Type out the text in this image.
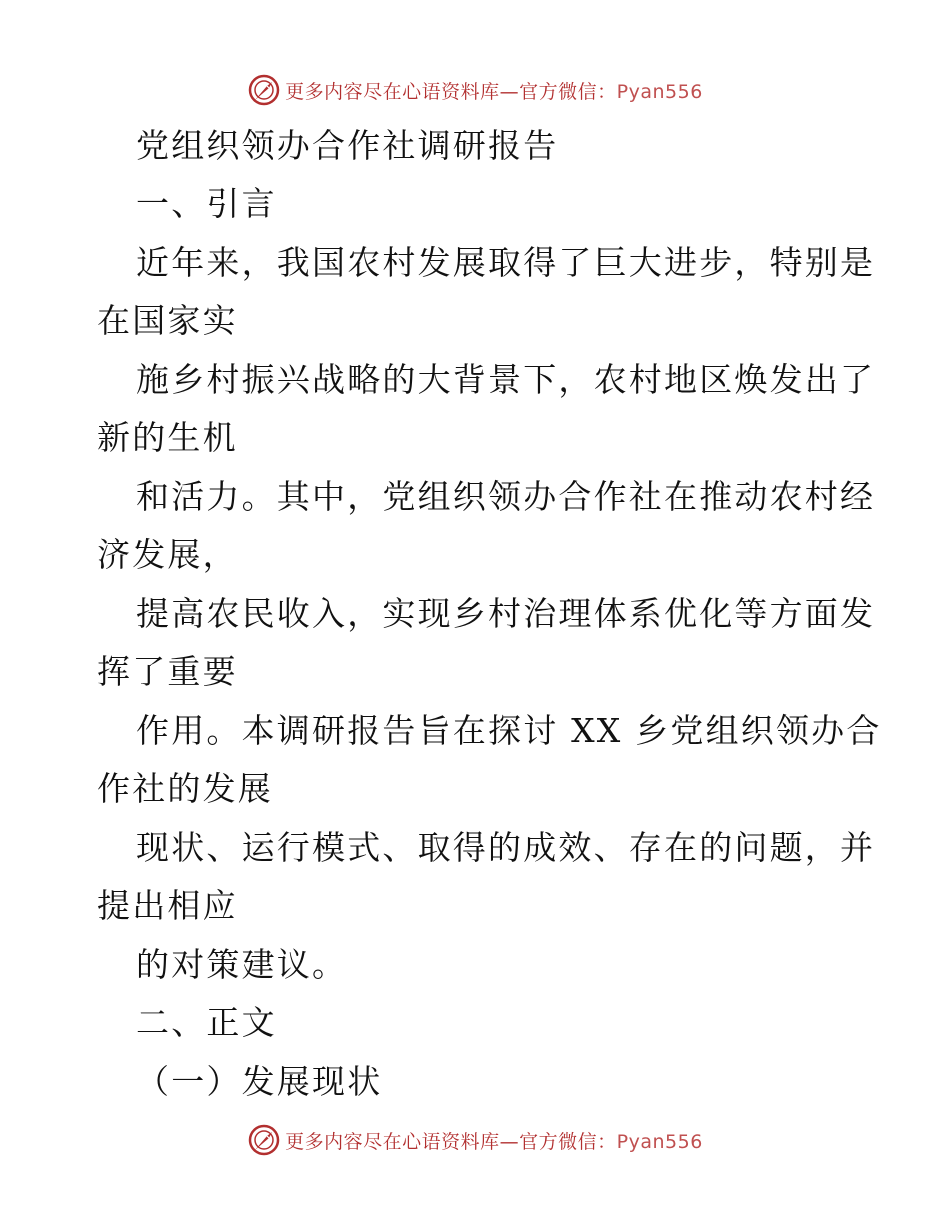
更多内容尽在心语资料库—官方微信：Pyan556
党组织领办合作社调研报告
一、引言
近年来，我国农村发展取得了巨大进步，特别是
在国家实
施乡村振兴战略的大背景下，农村地区焕发出了
新的生机
和活力。其中，党组织领办合作社在推动农村经
济发展，
提高农民收入，实现乡村治理体系优化等方面发
挥了重要
作用。本调研报告旨在探讨 XX 乡党组织领办合
作社的发展
现状、运行模式、取得的成效、存在的问题，并
提出相应
的对策建议。
二、正文
（一）发展现状
更多内容尽在心语资料库—官方微信：Pyan556
